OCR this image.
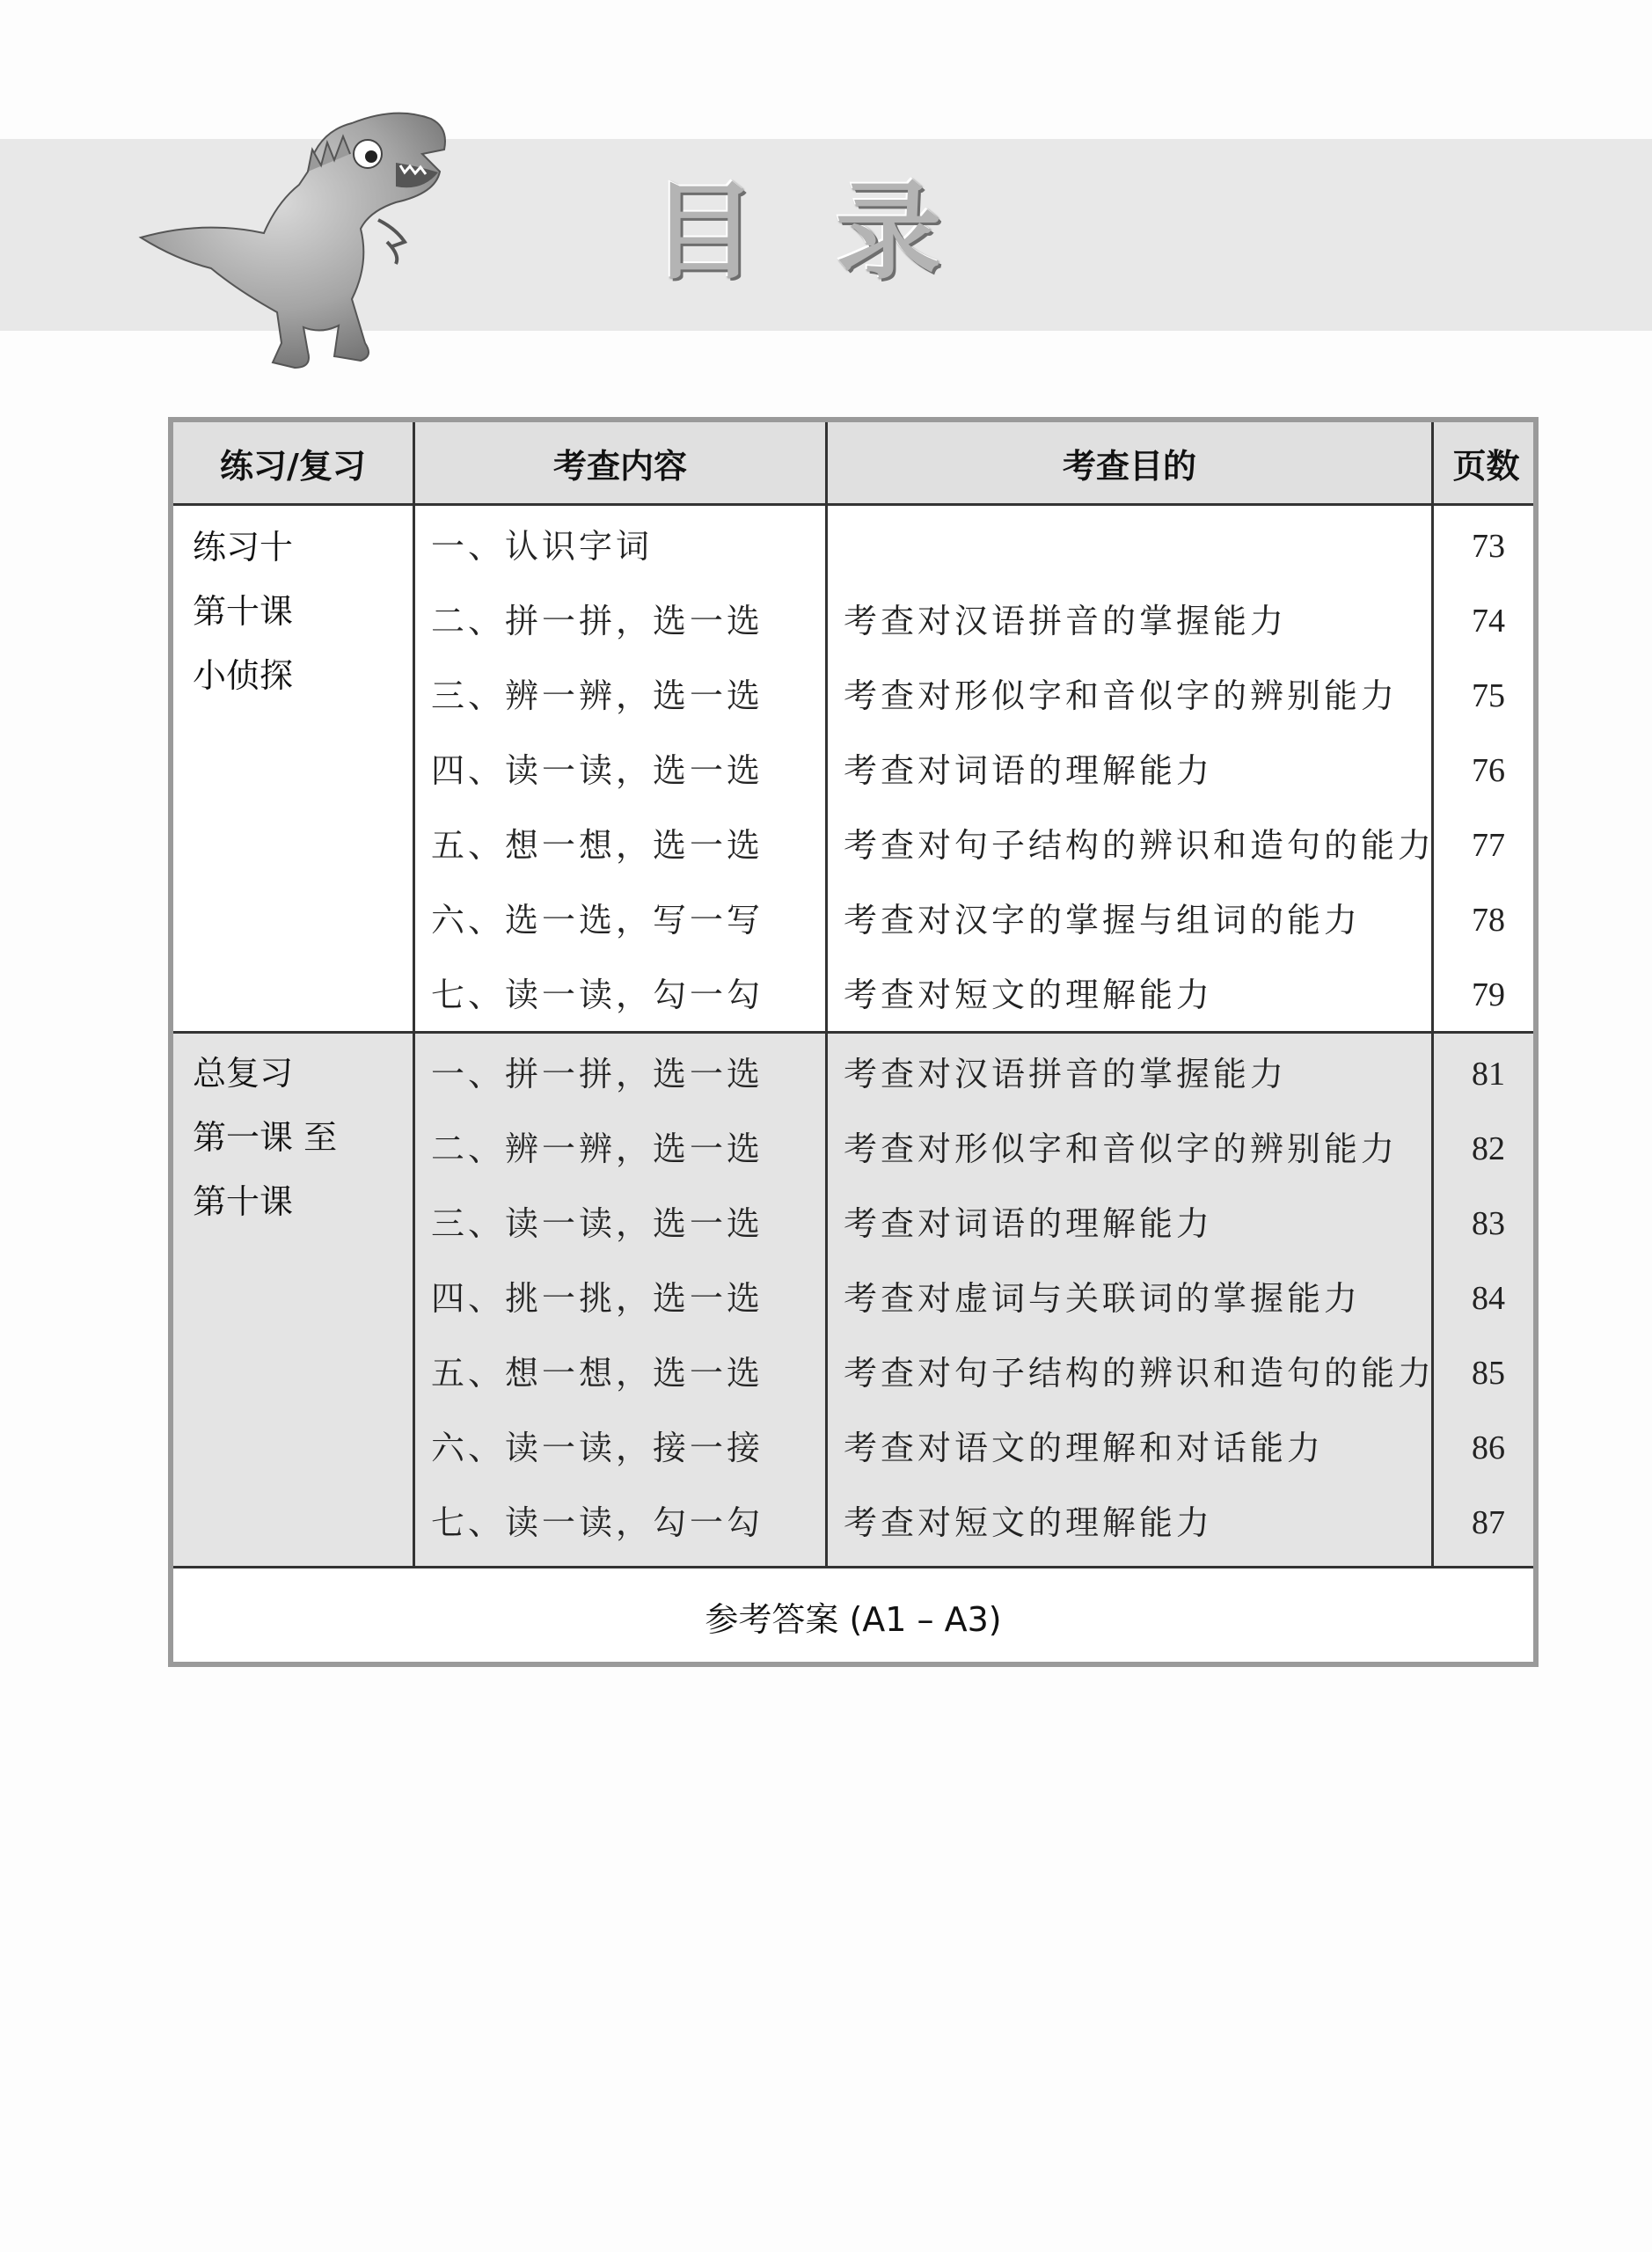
目 录
练习/复习	考查内容	考查目的	页数
练习十
第十课
小侦探
一、认识字词	73
二、拼一拼，选一选 考查对汉语拼音的掌握能力	74
三、辨一辨，选一选 考查对形似字和音似字的辨别能力	75
四、读一读，选一选 考查对词语的理解能力	76
五、想一想，选一选 考查对句子结构的辨识和造句的能力	77
六、选一选，写一写 考查对汉字的掌握与组词的能力	78
七、读一读，勾一勾 考查对短文的理解能力	79
总复习
第一课 至
第十课
一、拼一拼，选一选 考查对汉语拼音的掌握能力	81
二、辨一辨，选一选 考查对形似字和音似字的辨别能力	82
三、读一读，选一选 考查对词语的理解能力	83
四、挑一挑，选一选 考查对虚词与关联词的掌握能力	84
五、想一想，选一选 考查对句子结构的辨识和造句的能力	85
六、读一读，接一接 考查对语文的理解和对话能力	86
七、读一读，勾一勾 考查对短文的理解能力	87
参考答案 (A1 – A3)
